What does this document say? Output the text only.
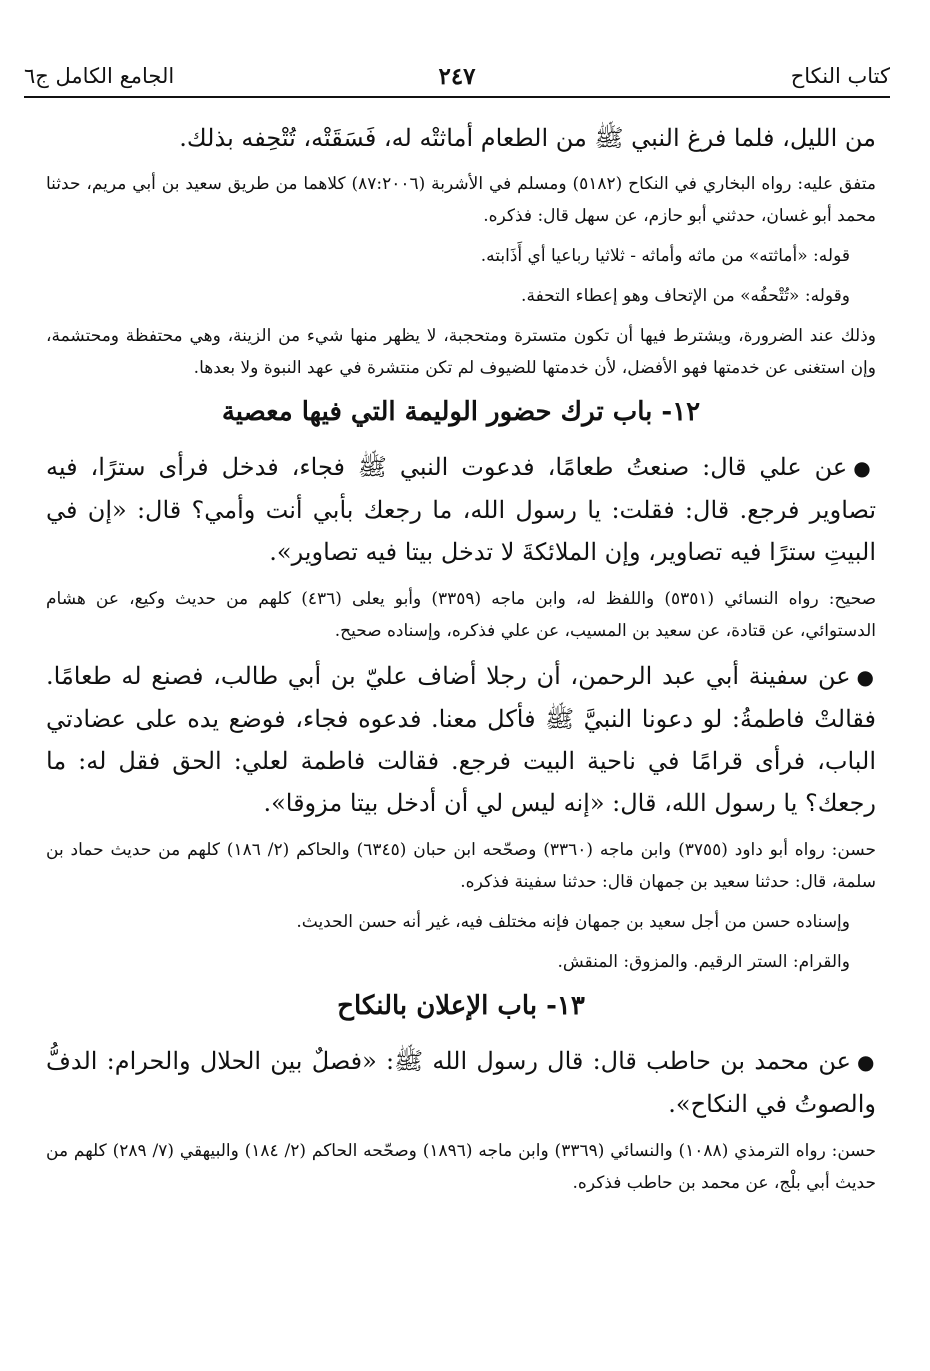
كتاب النكاح
٢٤٧
الجامع الكامل ج٦

من الليل، فلما فرغ النبي ﷺ من الطعام أماثتْه له، فَسَقَتْه، تُتْحِفه بذلك.

متفق عليه: رواه البخاري في النكاح (٥١٨٢) ومسلم في الأشربة (٨٧:٢٠٠٦) كلاهما من طريق سعيد بن أبي مريم، حدثنا محمد أبو غسان، حدثني أبو حازم، عن سهل قال: فذكره.

قوله: «أماثته» من ماثه وأماثه - ثلاثيا رباعيا أي أَذَابته.

وقوله: «تُتْحفُه» من الإتحاف وهو إعطاء التحفة.

وذلك عند الضرورة، ويشترط فيها أن تكون متسترة ومتحجبة، لا يظهر منها شيء من الزينة، وهي محتفظة ومحتشمة، وإن استغنى عن خدمتها فهو الأفضل، لأن خدمتها للضيوف لم تكن منتشرة في عهد النبوة ولا بعدها.

١٢- باب ترك حضور الوليمة التي فيها معصية

●عن علي قال: صنعتُ طعامًا، فدعوت النبي ﷺ فجاء، فدخل فرأى سترًا، فيه تصاوير فرجع. قال: فقلت: يا رسول الله، ما رجعك بأبي أنت وأمي؟ قال: «إن في البيتِ سترًا فيه تصاوير، وإن الملائكةَ لا تدخل بيتا فيه تصاوير».

صحيح: رواه النسائي (٥٣٥١) واللفظ له، وابن ماجه (٣٣٥٩) وأبو يعلى (٤٣٦) كلهم من حديث وكيع، عن هشام الدستوائي، عن قتادة، عن سعيد بن المسيب، عن علي فذكره، وإسناده صحيح.

●عن سفينة أبي عبد الرحمن، أن رجلا أضاف عليّ بن أبي طالب، فصنع له طعامًا. فقالتْ فاطمةُ: لو دعونا النبيَّ ﷺ فأكل معنا. فدعوه فجاء، فوضع يده على عضادتي الباب، فرأى قرامًا في ناحية البيت فرجع. فقالت فاطمة لعلي: الحق فقل له: ما رجعك؟ يا رسول الله، قال: «إنه ليس لي أن أدخل بيتا مزوقا».

حسن: رواه أبو داود (٣٧٥٥) وابن ماجه (٣٣٦٠) وصحّحه ابن حبان (٦٣٤٥) والحاكم (٢/ ١٨٦) كلهم من حديث حماد بن سلمة، قال: حدثنا سعيد بن جمهان قال: حدثنا سفينة فذكره.

وإسناده حسن من أجل سعيد بن جمهان فإنه مختلف فيه، غير أنه حسن الحديث.

والقرام: الستر الرقيم. والمزوق: المنقش.

١٣- باب الإعلان بالنكاح

●عن محمد بن حاطب قال: قال رسول الله ﷺ: «فصلٌ بين الحلال والحرام: الدفُّ والصوتُ في النكاح».

حسن: رواه الترمذي (١٠٨٨) والنسائي (٣٣٦٩) وابن ماجه (١٨٩٦) وصحّحه الحاكم (٢/ ١٨٤) والبيهقي (٧/ ٢٨٩) كلهم من حديث أبي بلْج، عن محمد بن حاطب فذكره.
